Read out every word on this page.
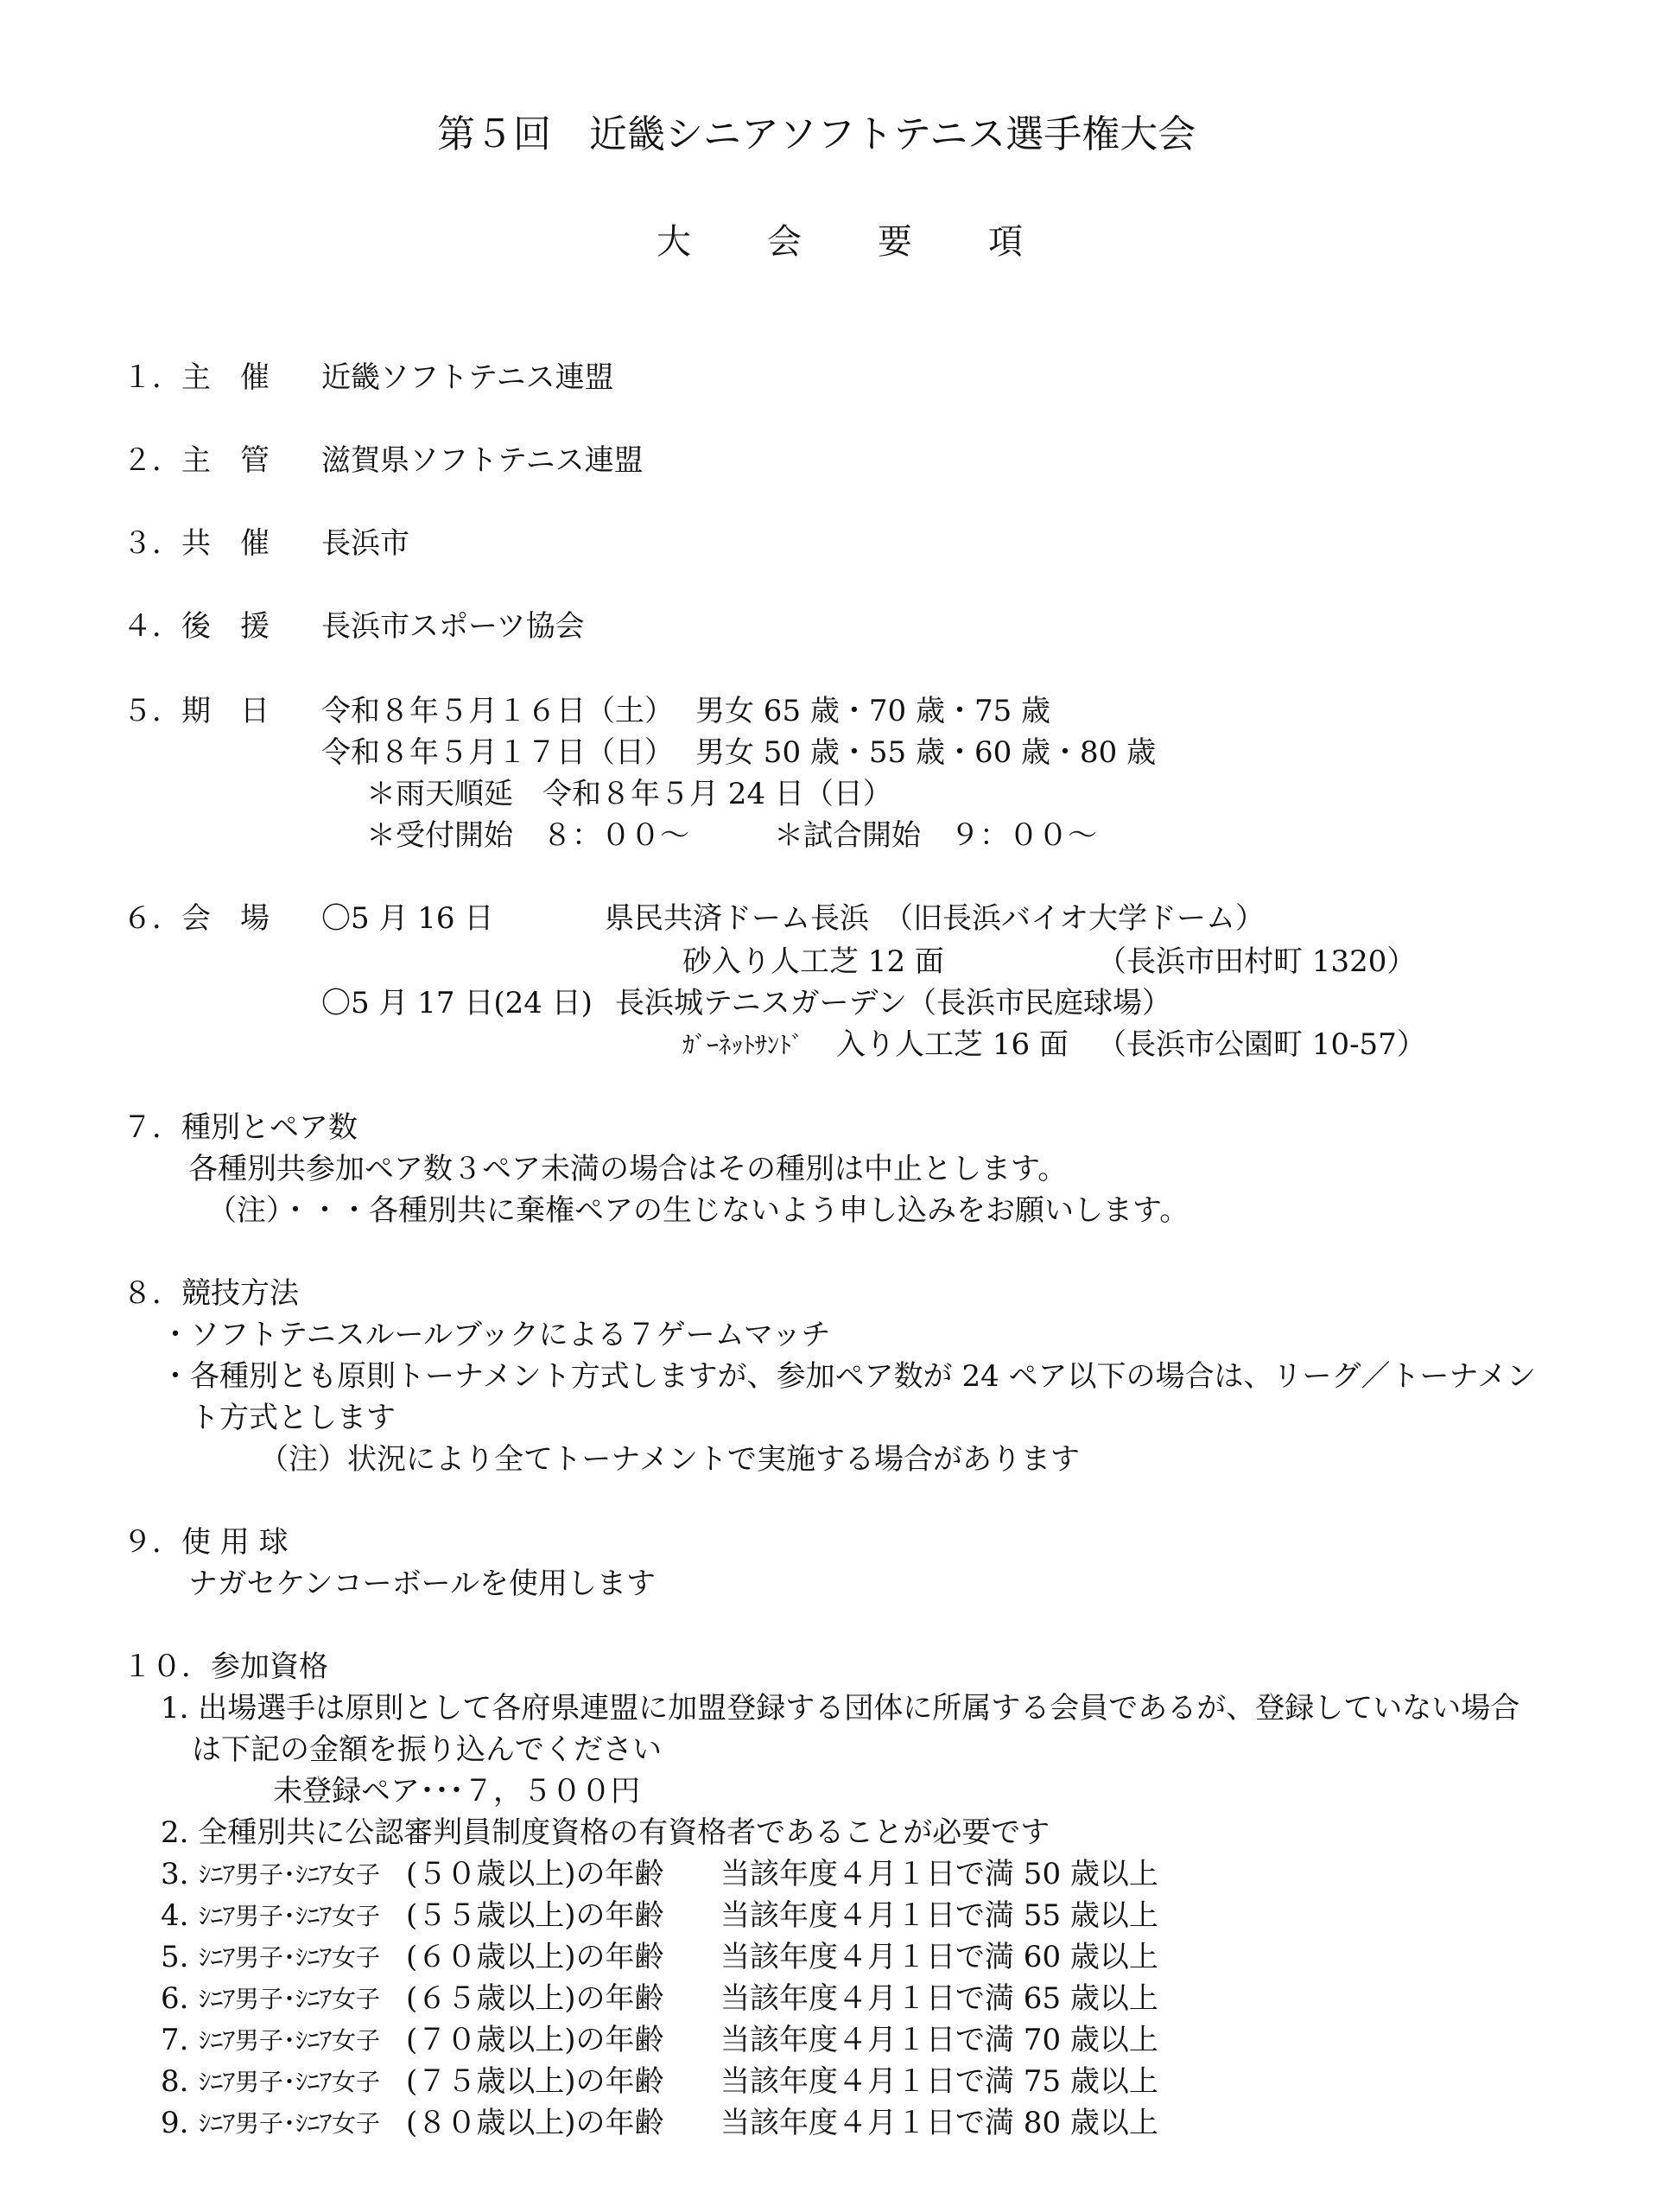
第５回　近畿シニアソフトテニス選手権大会
大 会 要 項
１．主　催 近畿ソフトテニス連盟
２．主　管 滋賀県ソフトテニス連盟
３．共　催 長浜市
４．後　援 長浜市スポーツ協会
５．期　日 令和８年５月１６日（土） 男女 65 歳・70 歳・75 歳
令和８年５月１７日（日） 男女 50 歳・55 歳・60 歳・80 歳
＊雨天順延　令和８年５月 24 日（日）
＊受付開始　８：００～	＊試合開始　９：００～
６．会　場 〇5 月 16 日	県民共済ドーム長浜　（旧長浜バイオ大学ドーム）
砂入り人工芝 12 面	（長浜市田村町 1320）
〇5 月 17 日(24 日) 長浜城テニスガーデン（長浜市民庭球場）
ｶﾞｰﾈｯﾄｻﾝﾄﾞ 入り人工芝 16 面 （長浜市公園町 10-57）
７．種別とペア数
各種別共参加ペア数３ペア未満の場合はその種別は中止とします。
（注）・・・各種別共に棄権ペアの生じないよう申し込みをお願いします。
８．競技方法
・ソフトテニスルールブックによる７ゲームマッチ
・各種別とも原則トーナメント方式しますが、参加ペア数が 24 ペア以下の場合は、リーグ／トーナメン
ト方式とします
（注）状況により全てトーナメントで実施する場合があります
９．使 用 球
ナガセケンコーボールを使用します
１０．参加資格
1. 出場選手は原則として各府県連盟に加盟登録する団体に所属する会員であるが、登録していない場合
は下記の金額を振り込んでください
未登録ペア･･･７，５００円
2. 全種別共に公認審判員制度資格の有資格者であることが必要です
3. ｼﾆｱ男子･ｼﾆｱ女子 (５０歳以上)の年齢 当該年度４月１日で満 50 歳以上
4. ｼﾆｱ男子･ｼﾆｱ女子 (５５歳以上)の年齢 当該年度４月１日で満 55 歳以上
5. ｼﾆｱ男子･ｼﾆｱ女子 (６０歳以上)の年齢 当該年度４月１日で満 60 歳以上
6. ｼﾆｱ男子･ｼﾆｱ女子 (６５歳以上)の年齢 当該年度４月１日で満 65 歳以上
7. ｼﾆｱ男子･ｼﾆｱ女子 (７０歳以上)の年齢 当該年度４月１日で満 70 歳以上
8. ｼﾆｱ男子･ｼﾆｱ女子 (７５歳以上)の年齢 当該年度４月１日で満 75 歳以上
9. ｼﾆｱ男子･ｼﾆｱ女子 (８０歳以上)の年齢 当該年度４月１日で満 80 歳以上
